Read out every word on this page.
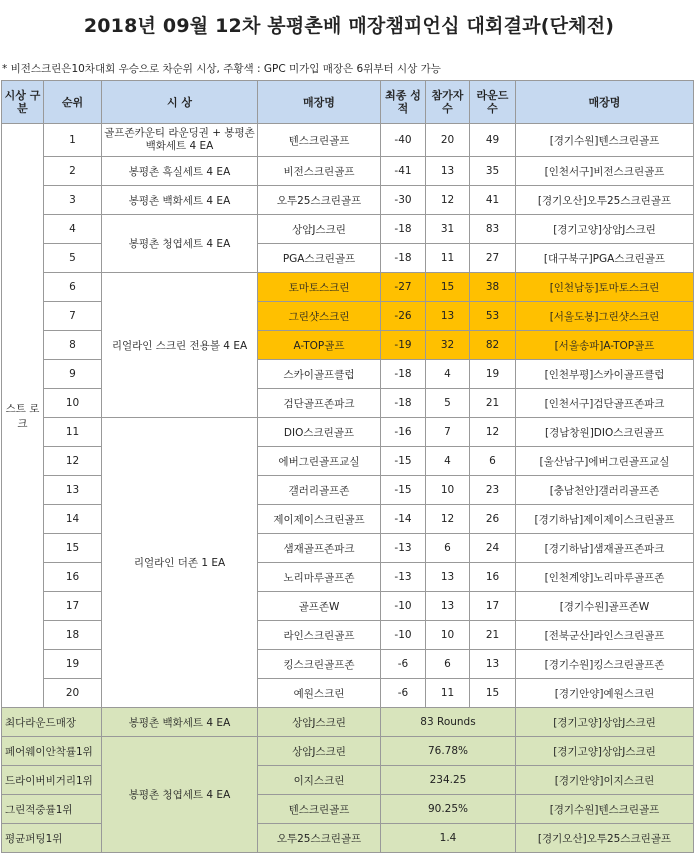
2018년 09월 12차 봉평촌배 매장챔피언십 대회결과(단체전)
* 비전스크린은10차대회 우승으로 차순위 시상, 주황색 : GPC 미가입 매장은 6위부터 시상 가능
시상 구분	순위	시 상	매장명	최종 성적	참가자 수	라운드 수	매장명
스트 로크	1	골프존카운티 라운딩권 + 봉평촌 백화세트 4 EA	텐스크린골프	-40	20	49	[경기수원]텐스크린골프
	2	봉평촌 흑실세트 4 EA	비전스크린골프	-41	13	35	[인천서구]비전스크린골프
	3	봉평촌 백화세트 4 EA	오투25스크린골프	-30	12	41	[경기오산]오투25스크린골프
	4	봉평촌 청엽세트 4 EA	상암J스크린	-18	31	83	[경기고양]상암J스크린
	5		PGA스크린골프	-18	11	27	[대구북구]PGA스크린골프
	6	리얼라인 스크린 전용볼 4 EA	토마토스크린	-27	15	38	[인천남동]토마토스크린
	7		그린샷스크린	-26	13	53	[서울도봉]그린샷스크린
	8		A-TOP골프	-19	32	82	[서울송파]A-TOP골프
	9		스카이골프클럽	-18	4	19	[인천부평]스카이골프클럽
	10		검단골프존파크	-18	5	21	[인천서구]검단골프존파크
	11	리얼라인 더존 1 EA	DIO스크린골프	-16	7	12	[경남창원]DIO스크린골프
	12		에버그린골프교실	-15	4	6	[울산남구]에버그린골프교실
	13		갤러리골프존	-15	10	23	[충남천안]갤러리골프존
	14		제이제이스크린골프	-14	12	26	[경기하남]제이제이스크린골프
	15		샘재골프존파크	-13	6	24	[경기하남]샘재골프존파크
	16		노리마루골프존	-13	13	16	[인천계양]노리마루골프존
	17		골프존W	-10	13	17	[경기수원]골프존W
	18		라인스크린골프	-10	10	21	[전북군산]라인스크린골프
	19		킹스크린골프존	-6	6	13	[경기수원]킹스크린골프존
	20		예원스크린	-6	11	15	[경기안양]예원스크린
최다라운드매장		봉평촌 백화세트 4 EA	상암J스크린	83 Rounds			[경기고양]상암J스크린
페어웨이안착률1위		봉평촌 청엽세트 4 EA	상암J스크린	76.78%			[경기고양]상암J스크린
드라이버비거리1위			이지스크린	234.25			[경기안양]이지스크린
그린적중률1위			텐스크린골프	90.25%			[경기수원]텐스크린골프
평균퍼팅1위			오투25스크린골프	1.4			[경기오산]오투25스크린골프
